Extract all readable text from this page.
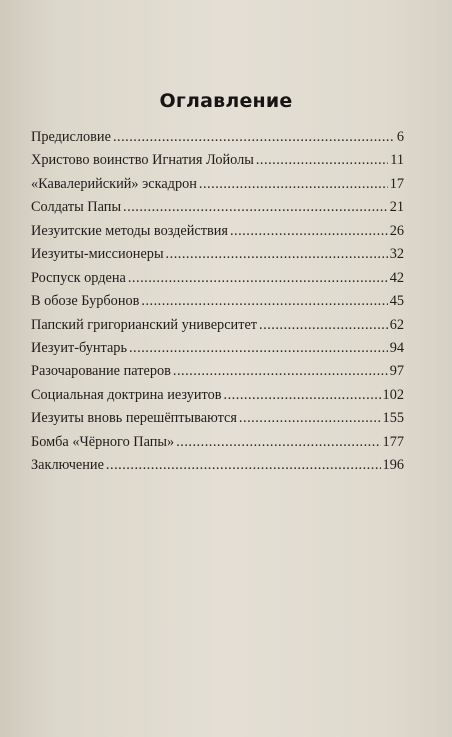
Оглавление
Предисловие .....	6
Христово воинство Игнатия Лойолы .....	11
«Кавалерийский» эскадрон .....	17
Солдаты Папы .....	21
Иезуитские методы воздействия .....	26
Иезуиты-миссионеры .....	32
Роспуск ордена .....	42
В обозе Бурбонов .....	45
Папский григорианский университет .....	62
Иезуит-бунтарь .....	94
Разочарование патеров .....	97
Социальная доктрина иезуитов .....	102
Иезуиты вновь перешёптываются .....	155
Бомба «Чёрного Папы» .....	177
Заключение .....	196
